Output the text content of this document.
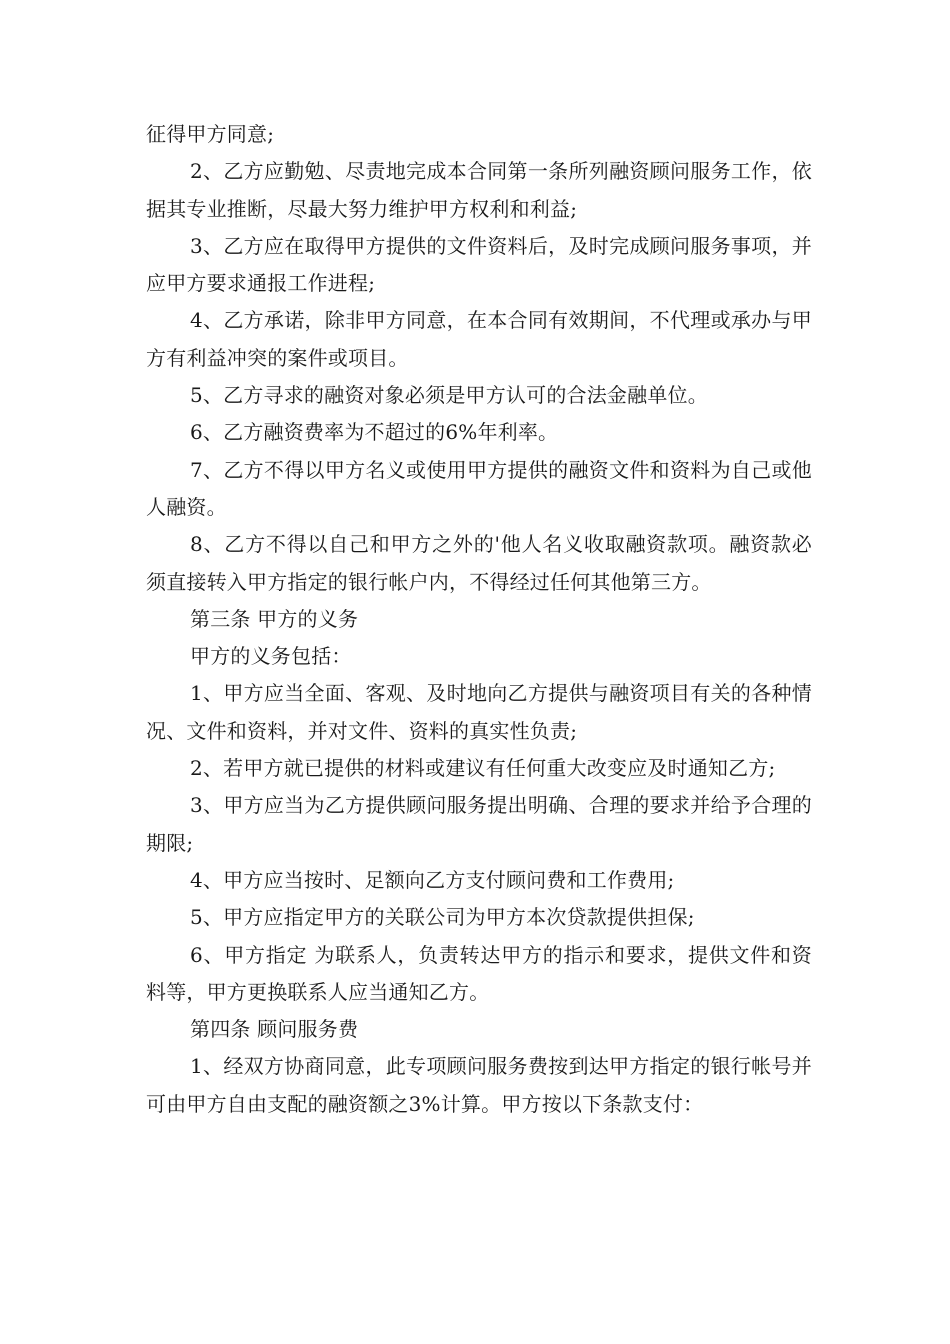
征得甲方同意;

2、乙方应勤勉、尽责地完成本合同第一条所列融资顾问服务工作，依据其专业推断，尽最大努力维护甲方权利和利益;

3、乙方应在取得甲方提供的文件资料后，及时完成顾问服务事项，并应甲方要求通报工作进程;

4、乙方承诺，除非甲方同意，在本合同有效期间，不代理或承办与甲方有利益冲突的案件或项目。

5、乙方寻求的融资对象必须是甲方认可的合法金融单位。

6、乙方融资费率为不超过的6%年利率。

7、乙方不得以甲方名义或使用甲方提供的融资文件和资料为自己或他人融资。

8、乙方不得以自己和甲方之外的'他人名义收取融资款项。融资款必须直接转入甲方指定的银行帐户内，不得经过任何其他第三方。

第三条 甲方的义务

甲方的义务包括：

1、甲方应当全面、客观、及时地向乙方提供与融资项目有关的各种情况、文件和资料，并对文件、资料的真实性负责;

2、若甲方就已提供的材料或建议有任何重大改变应及时通知乙方;

3、甲方应当为乙方提供顾问服务提出明确、合理的要求并给予合理的期限;

4、甲方应当按时、足额向乙方支付顾问费和工作费用;

5、甲方应指定甲方的关联公司为甲方本次贷款提供担保;

6、甲方指定 为联系人，负责转达甲方的指示和要求，提供文件和资料等，甲方更换联系人应当通知乙方。

第四条 顾问服务费

1、经双方协商同意，此专项顾问服务费按到达甲方指定的银行帐号并可由甲方自由支配的融资额之3%计算。甲方按以下条款支付：
